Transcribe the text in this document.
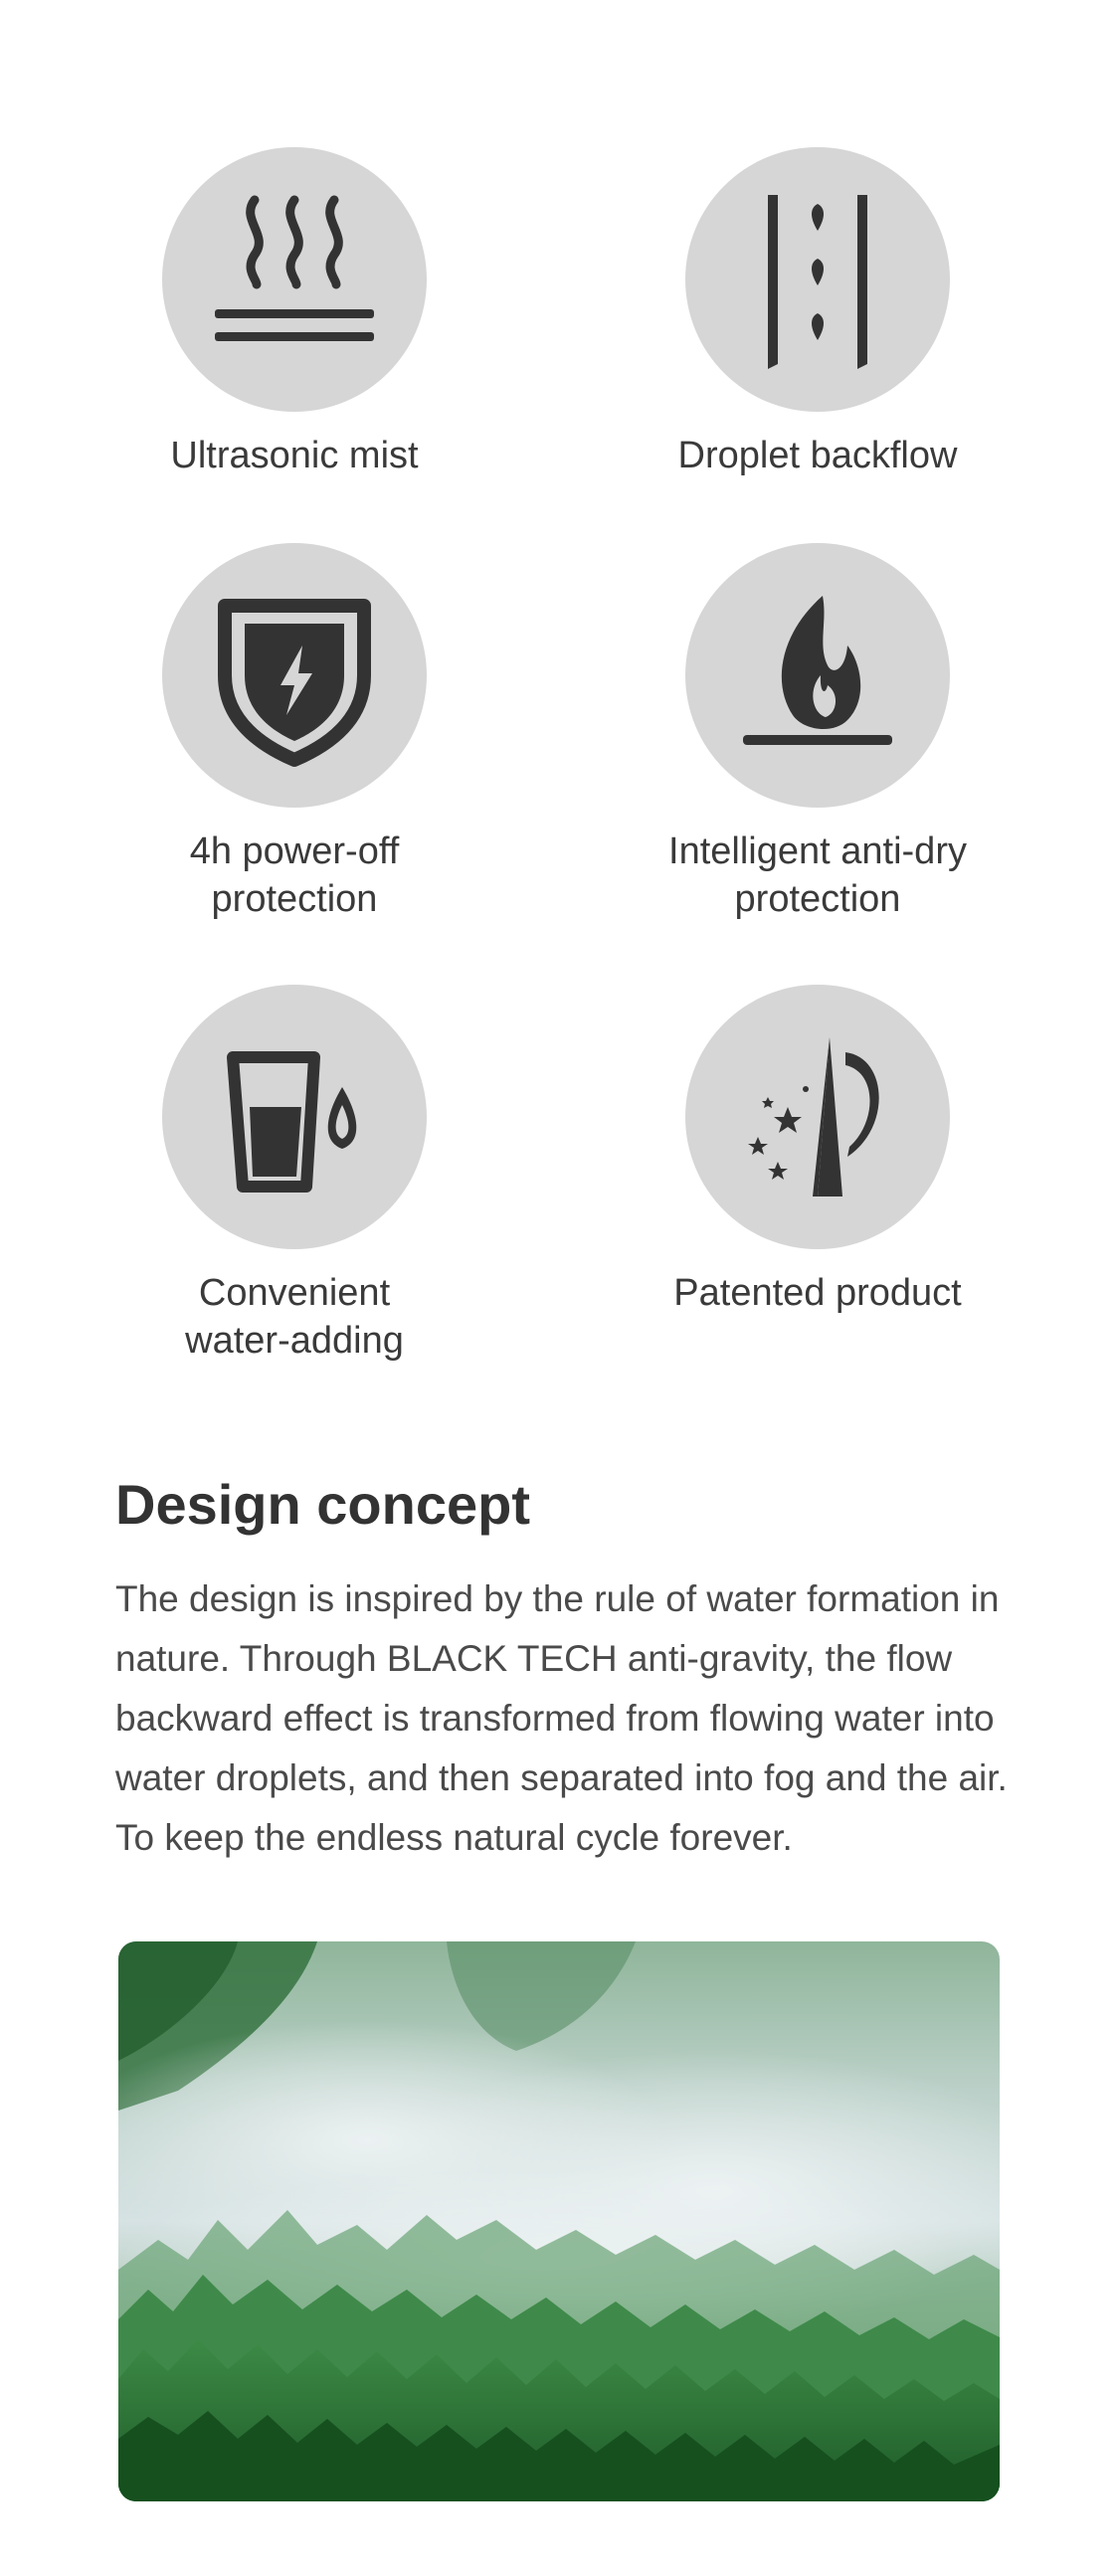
Ultrasonic mist	Droplet backflow
4h power-off
protection
Intelligent anti-dry
protection
Convenient
water-adding
Patented product
Design concept

The design is inspired by the rule of water formation in nature. Through BLACK TECH anti-gravity, the flow backward effect is transformed from flowing water into water droplets, and then separated into fog and the air. To keep the endless natural cycle forever.
